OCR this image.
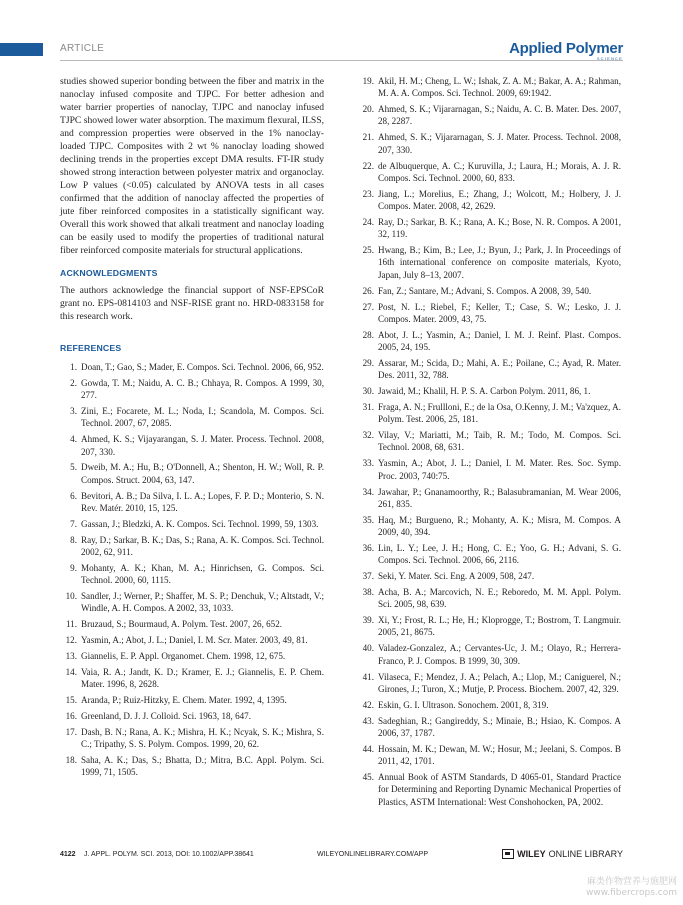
ARTICLE	Applied Polymer
SCIENCE

studies showed superior bonding between the fiber and matrix in the nanoclay infused composite and TJPC. For better adhesion and water barrier properties of nanoclay, TJPC and nanoclay infused TJPC showed lower water absorption. The maximum flexural, ILSS, and compression properties were observed in the 1% nanoclay-loaded TJPC. Composites with 2 wt % nanoclay loading showed declining trends in the properties except DMA results. FT-IR study showed strong interaction between polyester matrix and organoclay. Low P values (<0.05) calculated by ANOVA tests in all cases confirmed that the addition of nanoclay affected the properties of jute fiber reinforced composites in a statistically significant way. Overall this work showed that alkali treatment and nanoclay loading can be easily used to modify the properties of traditional natural fiber reinforced composite materials for structural applications.

ACKNOWLEDGMENTS

The authors acknowledge the financial support of NSF-EPSCoR grant no. EPS-0814103 and NSF-RISE grant no. HRD-0833158 for this research work.

REFERENCES

1. Doan, T.; Gao, S.; Mader, E. Compos. Sci. Technol. 2006, 66, 952.
2. Gowda, T. M.; Naidu, A. C. B.; Chhaya, R. Compos. A 1999, 30, 277.
3. Zini, E.; Focarete, M. L.; Noda, I.; Scandola, M. Compos. Sci. Technol. 2007, 67, 2085.
4. Ahmed, K. S.; Vijayarangan, S. J. Mater. Process. Technol. 2008, 207, 330.
5. Dweib, M. A.; Hu, B.; O'Donnell, A.; Shenton, H. W.; Woll, R. P. Compos. Struct. 2004, 63, 147.
6. Bevitori, A. B.; Da Silva, I. L. A.; Lopes, F. P. D.; Monterio, S. N. Rev. Matér. 2010, 15, 125.
7. Gassan, J.; Bledzki, A. K. Compos. Sci. Technol. 1999, 59, 1303.
8. Ray, D.; Sarkar, B. K.; Das, S.; Rana, A. K. Compos. Sci. Technol. 2002, 62, 911.
9. Mohanty, A. K.; Khan, M. A.; Hinrichsen, G. Compos. Sci. Technol. 2000, 60, 1115.
10. Sandler, J.; Werner, P.; Shaffer, M. S. P.; Denchuk, V.; Altstadt, V.; Windle, A. H. Compos. A 2002, 33, 1033.
11. Bruzaud, S.; Bourmaud, A. Polym. Test. 2007, 26, 652.
12. Yasmin, A.; Abot, J. L.; Daniel, I. M. Scr. Mater. 2003, 49, 81.
13. Giannelis, E. P. Appl. Organomet. Chem. 1998, 12, 675.
14. Vaia, R. A.; Jandt, K. D.; Kramer, E. J.; Giannelis, E. P. Chem. Mater. 1996, 8, 2628.
15. Aranda, P.; Ruiz-Hitzky, E. Chem. Mater. 1992, 4, 1395.
16. Greenland, D. J. J. Colloid. Sci. 1963, 18, 647.
17. Dash, B. N.; Rana, A. K.; Mishra, H. K.; Ncyak, S. K.; Mishra, S. C.; Tripathy, S. S. Polym. Compos. 1999, 20, 62.
18. Saha, A. K.; Das, S.; Bhatta, D.; Mitra, B.C. Appl. Polym. Sci. 1999, 71, 1505.
19. Akil, H. M.; Cheng, L. W.; Ishak, Z. A. M.; Bakar, A. A.; Rahman, M. A. A. Compos. Sci. Technol. 2009, 69:1942.
20. Ahmed, S. K.; Vijararnagan, S.; Naidu, A. C. B. Mater. Des. 2007, 28, 2287.
21. Ahmed, S. K.; Vijararnagan, S. J. Mater. Process. Technol. 2008, 207, 330.
22. de Albuquerque, A. C.; Kuruvilla, J.; Laura, H.; Morais, A. J. R. Compos. Sci. Technol. 2000, 60, 833.
23. Jiang, L.; Morelius, E.; Zhang, J.; Wolcott, M.; Holbery, J. J. Compos. Mater. 2008, 42, 2629.
24. Ray, D.; Sarkar, B. K.; Rana, A. K.; Bose, N. R. Compos. A 2001, 32, 119.
25. Hwang, B.; Kim, B.; Lee, J.; Byun, J.; Park, J. In Proceedings of 16th international conference on composite materials, Kyoto, Japan, July 8–13, 2007.
26. Fan, Z.; Santare, M.; Advani, S. Compos. A 2008, 39, 540.
27. Post, N. L.; Riebel, F.; Keller, T.; Case, S. W.; Lesko, J. J. Compos. Mater. 2009, 43, 75.
28. Abot, J. L.; Yasmin, A.; Daniel, I. M. J. Reinf. Plast. Compos. 2005, 24, 195.
29. Assarar, M.; Scida, D.; Mahi, A. E.; Poilane, C.; Ayad, R. Mater. Des. 2011, 32, 788.
30. Jawaid, M.; Khalil, H. P. S. A. Carbon Polym. 2011, 86, 1.
31. Fraga, A. N.; Frullloni, E.; de la Osa, O.Kenny, J. M.; Va'zquez, A. Polym. Test. 2006, 25, 181.
32. Vilay, V.; Mariatti, M.; Taib, R. M.; Todo, M. Compos. Sci. Technol. 2008, 68, 631.
33. Yasmin, A.; Abot, J. L.; Daniel, I. M. Mater. Res. Soc. Symp. Proc. 2003, 740:75.
34. Jawahar, P.; Gnanamoorthy, R.; Balasubramanian, M. Wear 2006, 261, 835.
35. Haq, M.; Burgueno, R.; Mohanty, A. K.; Misra, M. Compos. A 2009, 40, 394.
36. Lin, L. Y.; Lee, J. H.; Hong, C. E.; Yoo, G. H.; Advani, S. G. Compos. Sci. Technol. 2006, 66, 2116.
37. Seki, Y. Mater. Sci. Eng. A 2009, 508, 247.
38. Acha, B. A.; Marcovich, N. E.; Reboredo, M. M. Appl. Polym. Sci. 2005, 98, 639.
39. Xi, Y.; Frost, R. L.; He, H.; Kloprogge, T.; Bostrom, T. Langmuir. 2005, 21, 8675.
40. Valadez-Gonzalez, A.; Cervantes-Uc, J. M.; Olayo, R.; Herrera-Franco, P. J. Compos. B 1999, 30, 309.
41. Vilaseca, F.; Mendez, J. A.; Pelach, A.; Llop, M.; Caniguerel, N.; Girones, J.; Turon, X.; Mutje, P. Process. Biochem. 2007, 42, 329.
42. Eskin, G. I. Ultrason. Sonochem. 2001, 8, 319.
43. Sadeghian, R.; Gangireddy, S.; Minaie, B.; Hsiao, K. Compos. A 2006, 37, 1787.
44. Hossain, M. K.; Dewan, M. W.; Hosur, M.; Jeelani, S. Compos. B 2011, 42, 1701.
45. Annual Book of ASTM Standards, D 4065-01, Standard Practice for Determining and Reporting Dynamic Mechanical Properties of Plastics, ASTM International: West Conshohocken, PA, 2002.
4122 J. APPL. POLYM. SCI. 2013, DOI: 10.1002/APP.38641	WILEYONLINELIBRARY.COM/APP	WILEY ONLINE LIBRARY
麻类作物营养与施肥网
www.fibercrops.com
